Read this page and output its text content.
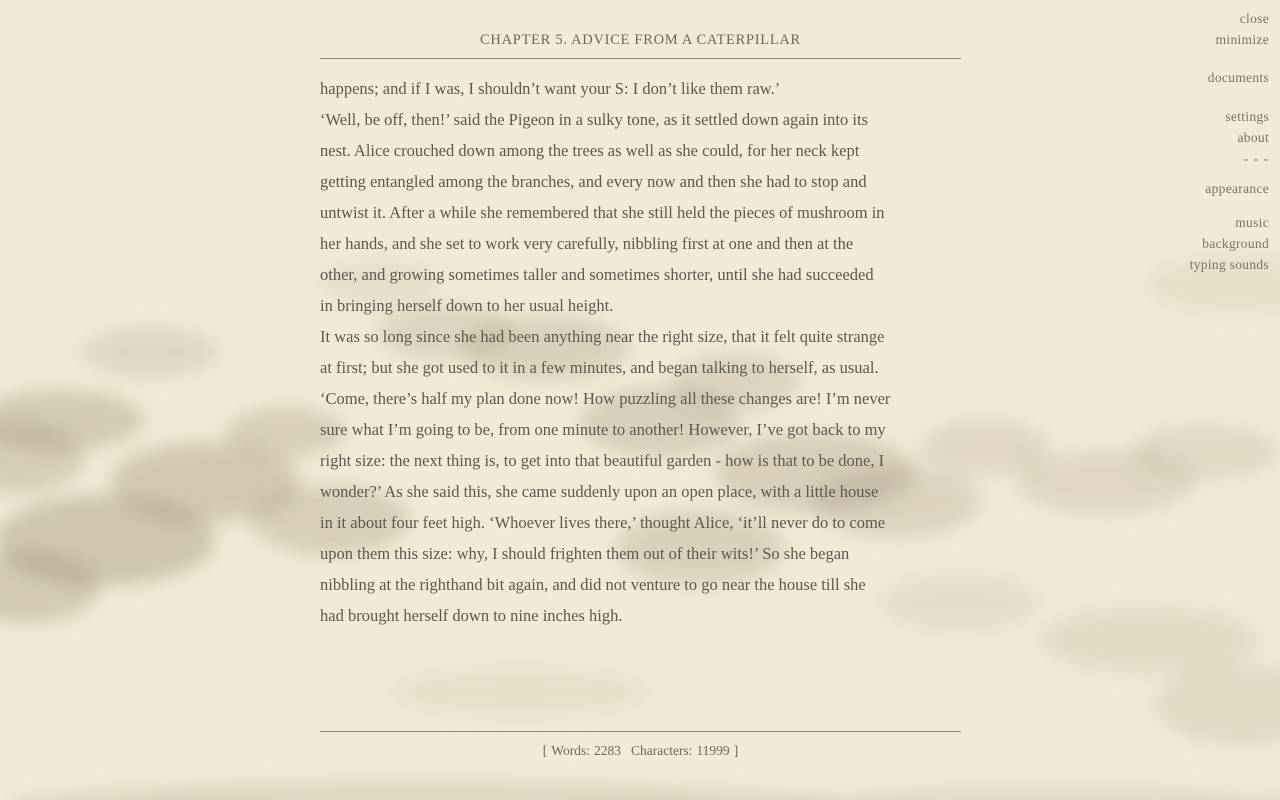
CHAPTER 5. ADVICE FROM A CATERPILLAR
happens; and if I was, I shouldn’t want your S: I don’t like them raw.’
‘Well, be off, then!’ said the Pigeon in a sulky tone, as it settled down again into its
nest. Alice crouched down among the trees as well as she could, for her neck kept
getting entangled among the branches, and every now and then she had to stop and
untwist it. After a while she remembered that she still held the pieces of mushroom in
her hands, and she set to work very carefully, nibbling first at one and then at the
other, and growing sometimes taller and sometimes shorter, until she had succeeded
in bringing herself down to her usual height.
It was so long since she had been anything near the right size, that it felt quite strange
at first; but she got used to it in a few minutes, and began talking to herself, as usual.
‘Come, there’s half my plan done now! How puzzling all these changes are! I’m never
sure what I’m going to be, from one minute to another! However, I’ve got back to my
right size: the next thing is, to get into that beautiful garden - how is that to be done, I
wonder?’ As she said this, she came suddenly upon an open place, with a little house
in it about four feet high. ‘Whoever lives there,’ thought Alice, ‘it’ll never do to come
upon them this size: why, I should frighten them out of their wits!’ So she began
nibbling at the righthand bit again, and did not venture to go near the house till she
had brought herself down to nine inches high.
[ Words: 2283 Characters: 11999 ]
close
minimize
documents
settings
about
- - -
appearance
music
background
typing sounds
